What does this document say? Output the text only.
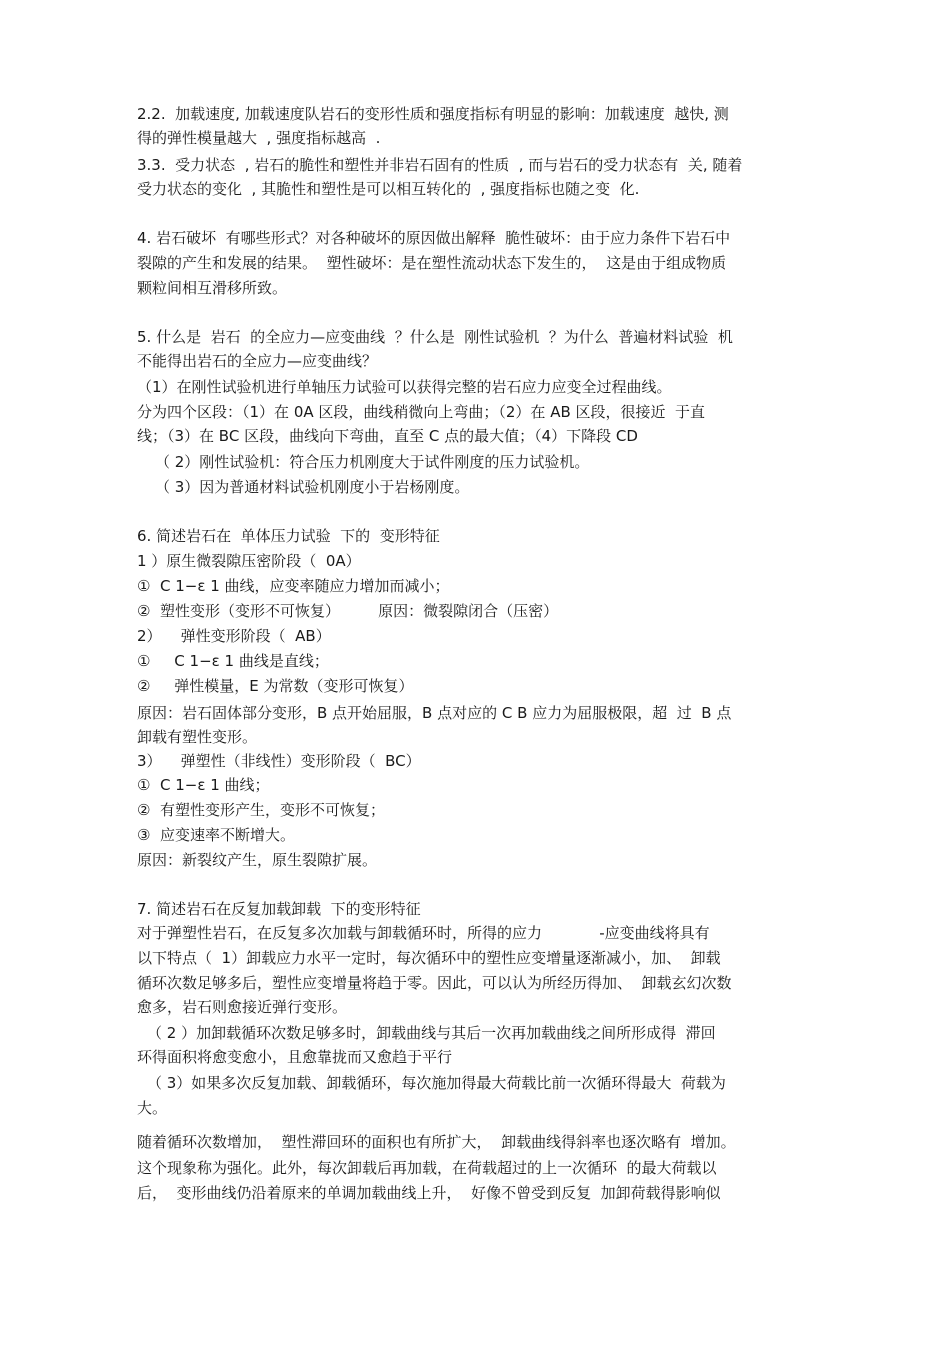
2.2.  加载速度, 加载速度队岩石的变形性质和强度指标有明显的影响：加载速度  越快, 测
得的弹性模量越大  , 强度指标越高  .
3.3.  受力状态  , 岩石的脆性和塑性并非岩石固有的性质  , 而与岩石的受力状态有  关, 随着
受力状态的变化  , 其脆性和塑性是可以相互转化的  , 强度指标也随之变  化.
4. 岩石破坏  有哪些形式？对各种破坏的原因做出解释  脆性破坏：由于应力条件下岩石中
裂隙的产生和发展的结果。  塑性破坏：是在塑性流动状态下发生的，  这是由于组成物质
颗粒间相互滑移所致。
5. 什么是  岩石  的全应力—应变曲线  ？什么是  刚性试验机  ？为什么  普遍材料试验  机
不能得出岩石的全应力—应变曲线？
（1）在刚性试验机进行单轴压力试验可以获得完整的岩石应力应变全过程曲线。
分为四个区段：（1）在 0A 区段，曲线稍微向上弯曲；（2）在 AB 区段，很接近  于直
线；（3）在 BC 区段，曲线向下弯曲，直至 C 点的最大值；（4）下降段 CD
（ 2）刚性试验机：符合压力机刚度大于试件刚度的压力试验机。
（ 3）因为普通材料试验机刚度小于岩杨刚度。
6. 简述岩石在  单体压力试验  下的  变形特征
1 ）原生微裂隙压密阶段（  0A）
①  C 1−ε 1 曲线，应变率随应力增加而减小；
②  塑性变形（变形不可恢复）        原因：微裂隙闭合（压密）
2）    弹性变形阶段（  AB）
①     C 1−ε 1 曲线是直线；
②     弹性模量，E 为常数（变形可恢复）
原因：岩石固体部分变形，B 点开始屈服，B 点对应的 C B 应力为屈服极限，超  过  B 点
卸载有塑性变形。
3）    弹塑性（非线性）变形阶段（  BC）
①  C 1−ε 1 曲线；
②  有塑性变形产生，变形不可恢复；
③  应变速率不断增大。
原因：新裂纹产生，原生裂隙扩展。
7. 简述岩石在反复加载卸载  下的变形特征
对于弹塑性岩石，在反复多次加载与卸载循环时，所得的应力            -应变曲线将具有
以下特点（  1）卸载应力水平一定时，每次循环中的塑性应变增量逐渐减小，加、  卸载
循环次数足够多后，塑性应变增量将趋于零。因此，可以认为所经历得加、  卸载玄幻次数
愈多，岩石则愈接近弹行变形。
（ 2 ）加卸载循环次数足够多时，卸载曲线与其后一次再加载曲线之间所形成得  滞回
环得面积将愈变愈小，且愈靠拢而又愈趋于平行
（ 3）如果多次反复加载、卸载循环，每次施加得最大荷载比前一次循环得最大  荷载为
大。
随着循环次数增加，  塑性滞回环的面积也有所扩大，  卸载曲线得斜率也逐次略有  增加。
这个现象称为强化。此外，每次卸载后再加载，在荷载超过的上一次循环  的最大荷载以
后，  变形曲线仍沿着原来的单调加载曲线上升，  好像不曾受到反复  加卸荷载得影响似
